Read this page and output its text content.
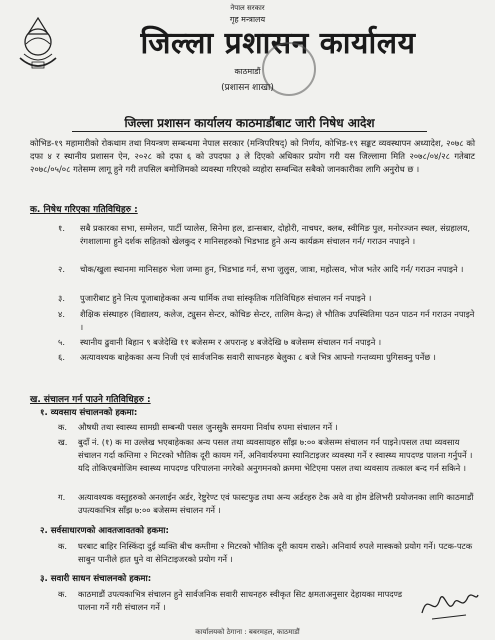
नेपाल सरकार
गृह मन्त्रालय
जिल्ला प्रशासन कार्यालय
काठमाडौं
(प्रशासन शाखा)
जिल्ला प्रशासन कार्यालय काठमाडौंबाट जारी निषेध आदेश
कोभिड-१९ महामारीको रोकथाम तथा नियन्त्रण सम्बन्धमा नेपाल सरकार (मन्त्रिपरिषद्) को निर्णय, कोभिड-१९ सङ्कट व्यवस्थापन अध्यादेश, २०७८ को दफा ४ र स्थानीय प्रशासन ऐन, २०२८ को दफा ६ को उपदफा ३ ले दिएको अधिकार प्रयोग गरी यस जिल्लामा मिति २०७८/०४/२८ गतेबाट २०७८/०५/०८ गतेसम्म लागू हुने गरी तपसिल बमोजिमको व्यवस्था गरिएको व्यहोरा सम्बन्धित सबैको जानकारीका लागि अनुरोध छ ।
क. निषेध गरिएका गतिविधिहरु :
१. सबै प्रकारका सभा, सम्मेलन, पार्टी प्यालेस, सिनेमा हल, डान्सबार, दोहोरी, नाचघर, क्लब, स्वीमिङ पुल, मनोरञ्जन स्थल, संग्रहालय, रंगशालामा हुने दर्शक सहितको खेलकुद र मानिसहरुको भिडभाड हुने अन्य कार्यक्रम संचालन गर्न/ गराउन नपाइने ।
२. चोक/खुला स्थानमा मानिसहरु भेला जम्मा हुन, भिडभाड गर्न, सभा जुलुस, जात्रा, महोत्सव, भोज भतेर आदि गर्न/ गराउन नपाइने ।
३. पुजारीबाट हुने नित्य पूजाबाहेकका अन्य धार्मिक तथा सांस्कृतिक गतिविधिहरु संचालन गर्न नपाइने ।
४. शैक्षिक संस्थाहरु (विद्यालय, कलेज, ट्युसन सेन्टर, कोचिङ सेन्टर, तालिम केन्द्र) ले भौतिक उपस्थितिमा पठन पाठन गर्न गराउन नपाइने ।
५. स्थानीय ढुवानी बिहान ९ बजेदेखि ११ बजेसम्म र अपरान्ह ४ बजेदेखि ७ बजेसम्म संचालन गर्न नपाइने ।
६. अत्यावश्यक बाहेकका अन्य निजी एवं सार्वजनिक सवारी साधनहरु बेलुका ८ बजे भित्र आफ्नो गन्तव्यमा पुगिसक्नु पर्नेछ ।
ख. संचालन गर्न पाउने गतिविधिहरु :
१. व्यवसाय संचालनको हकमा:
क. औषधी तथा स्वास्थ्य सामग्री सम्बन्धी पसल जुनसुकै समयमा निर्वाध रुपमा संचालन गर्ने ।
ख. बुदाँ नं. (१) क मा उल्लेख भएबाहेकका अन्य पसल तथा व्यवसायहरु साँझ ७:०० बजेसम्म संचालन गर्न पाइने।पसल तथा व्यवसाय संचालन गर्दा कम्तिमा २ मिटरको भौतिक दूरी कायम गर्ने, अनिवार्यरुपमा स्यानिटाइजर व्यवस्था गर्ने र स्वास्थ्य मापदण्ड पालना गर्नुपर्ने । यदि तोकिएबमोजिम स्वास्थ्य मापदण्ड परिपालना नगरेको अनुगमनको क्रममा भेटिएमा पसल तथा व्यवसाय तत्काल बन्द गर्न सकिने ।
ग. अत्यावश्यक वस्तुहरुको अनलाईन अर्डर, रेष्टुरेण्ट एवं फास्टफुड तथा अन्य अर्डरहरु टेक अवे वा होम डेलिभरी प्रयोजनका लागि काठमाडौं उपत्यकाभित्र साँझ ७:०० बजेसम्म संचालन गर्ने ।
२. सर्वसाधारणको आवतजावतको हकमा:
क. घरबाट बाहिर निस्किंदा दुई व्यक्ति बीच कम्तीमा २ मिटरको भौतिक दूरी कायम राख्ने। अनिवार्य रुपले मास्कको प्रयोग गर्ने। पटक-पटक साबुन पानीले हात धुने वा सेनिटाइजरको प्रयोग गर्ने ।
३. सवारी साधन संचालनको हकमा:
क. काठमाडौं उपत्यकाभित्र संचालन हुने सार्वजनिक सवारी साधनहरु स्वीकृत सिट क्षमताअनुसार देहायका मापदण्ड पालना गर्ने गरी संचालन गर्ने ।
कार्यालयको ठेगाना : बबरमहल, काठमाडौं
